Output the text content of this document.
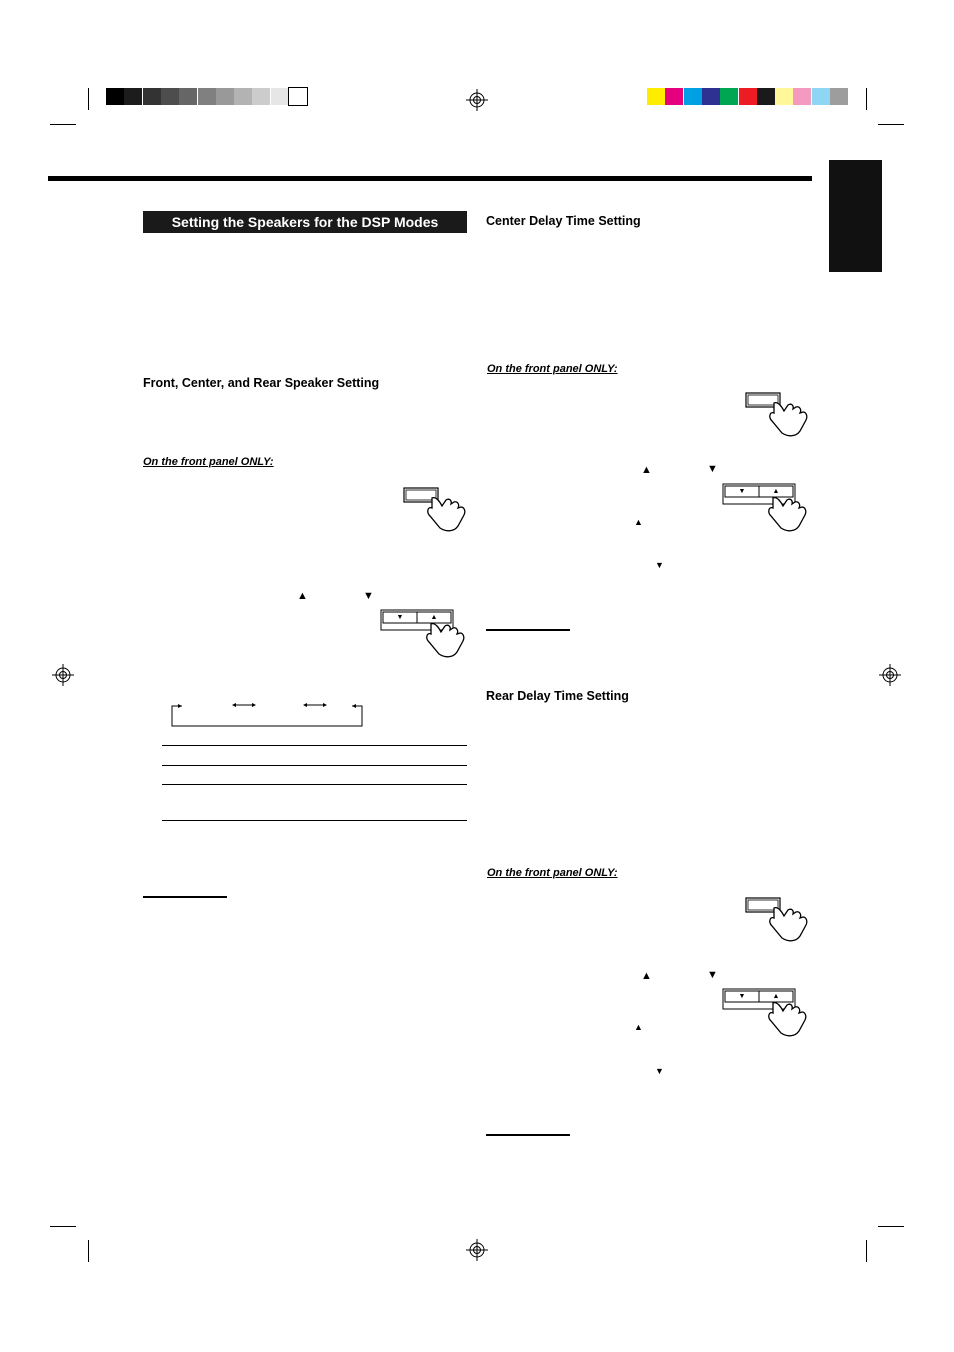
Setting the Speakers for the DSP Modes
Front, Center, and Rear Speaker Setting
On the front panel ONLY:
▲	▼
▼	▲
Center Delay Time Setting
On the front panel ONLY:
▲	▼
▼	▲
▲
▼
Rear Delay Time Setting
On the front panel ONLY:
▲	▼
▼	▲
▲
▼
